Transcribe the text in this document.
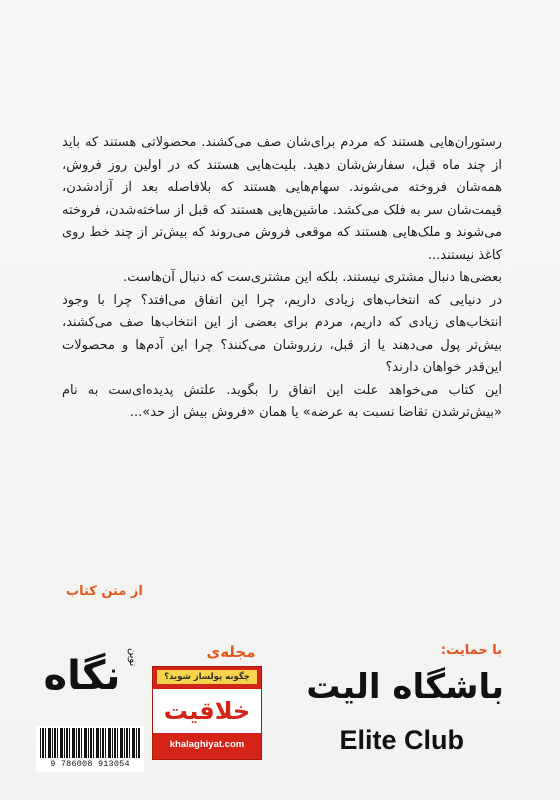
رستوران‌هایی هستند که مردم برای‌شان صف می‌کشند. محصولاتی هستند که باید از چند ماه قبل، سفارش‌شان دهید. بلیت‌هایی هستند که در اولین روز فروش، همه‌شان فروخته می‌شوند. سهام‌هایی هستند که بلافاصله بعد از آزادشدن، قیمت‌شان سر به فلک می‌کشد. ماشین‌هایی هستند که قبل از ساخته‌شدن، فروخته می‌شوند و ملک‌هایی هستند که موقعی فروش می‌روند که بیش‌تر از چند خط روی کاغذ نیستند...

بعضی‌ها دنبال مشتری نیستند. بلکه این مشتری‌ست که دنبال آن‌هاست.

در دنیایی که انتخاب‌های زیادی داریم، چرا این اتفاق می‌افتد؟ چرا با وجود انتخاب‌های زیادی که داریم، مردم برای بعضی از این انتخاب‌ها صف می‌کشند، بیش‌تر پول می‌دهند یا از قبل، رزروشان می‌کنند؟ چرا این آدم‌ها و محصولات این‌قدر خواهان دارند؟

این کتاب می‌خواهد علت این اتفاق را بگوید. علتش پدیده‌ای‌ست به نام «بیش‌ترشدن تقاضا نسبت به عرضه» یا همان «فروش بیش از حد»...

از متن کتاب
با حمایت:
باشگاه الیت
Elite Club
مجله‌ی
چگونه پولساز شوید؟
خلاقیت
khalaghiyat.com
نگاه نوین
9 786008 913054
